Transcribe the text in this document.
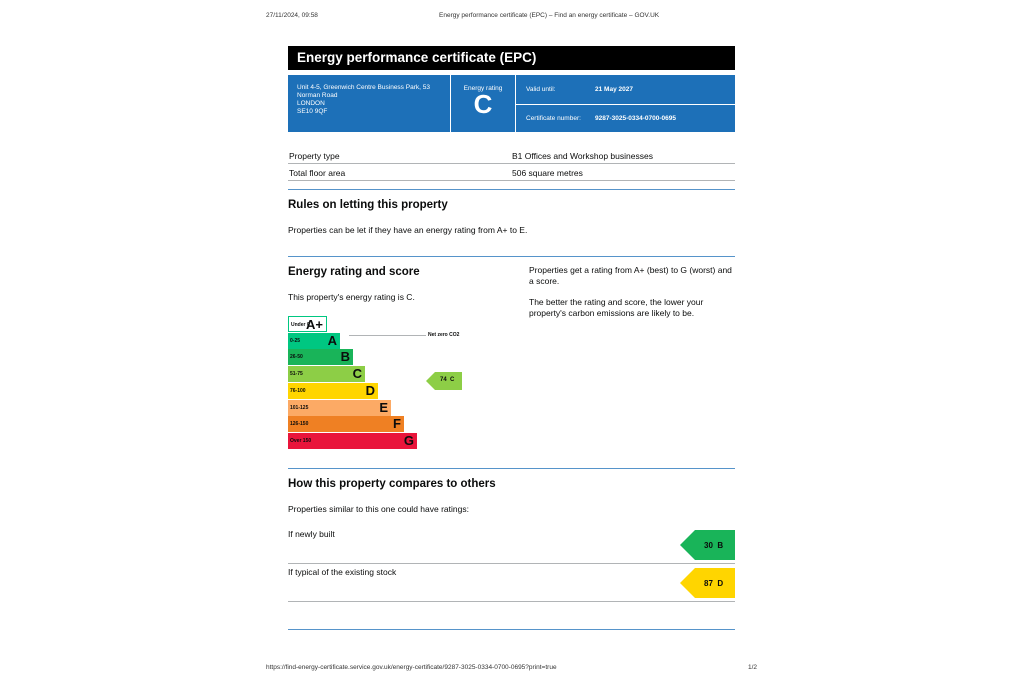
27/11/2024, 09:58	Energy performance certificate (EPC) – Find an energy certificate – GOV.UK
Energy performance certificate (EPC)
Unit 4-5, Greenwich Centre Business Park, 53
Norman Road
LONDON
SE10 9QF
Energy rating
C	Valid until:	21 May 2027
Certificate number:	9287-3025-0334-0700-0695
Property type	B1 Offices and Workshop businesses
Total floor area	506 square metres
Rules on letting this property
Properties can be let if they have an energy rating from A+ to E.
Energy rating and score
This property's energy rating is C.
Properties get a rating from A+ (best) to G (worst) and a score.
The better the rating and score, the lower your property's carbon emissions are likely to be.
Under 0
A+
0-25 A
26-50	B
51-75	C
76-100	D
101-125	E
126-150	F
Over 150	G
Net zero CO2
74 C
How this property compares to others
Properties similar to this one could have ratings:
If newly built
30 B
If typical of the existing stock
87 D
https://find-energy-certificate.service.gov.uk/energy-certificate/9287-3025-0334-0700-0695?print=true	1/2
